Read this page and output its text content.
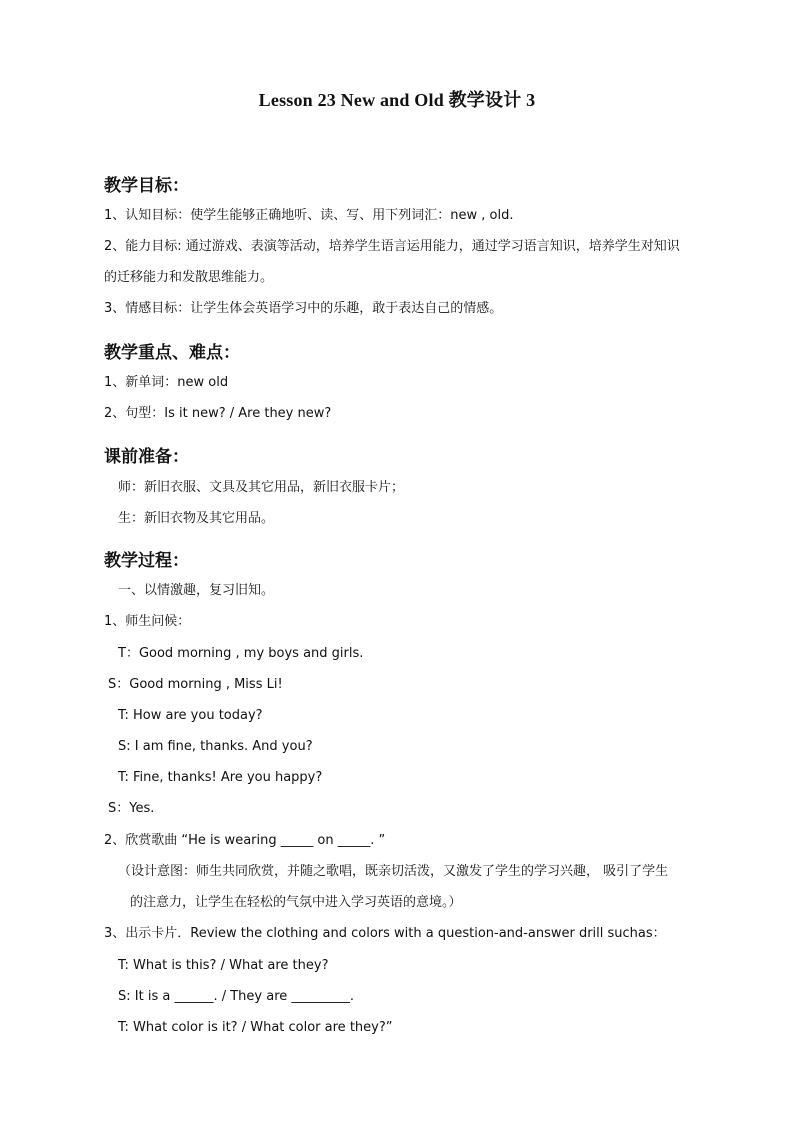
Lesson 23 New and Old 教学设计 3
教学目标：
1、认知目标：使学生能够正确地听、读、写、用下列词汇：new , old.
2、能力目标: 通过游戏、表演等活动，培养学生语言运用能力，通过学习语言知识，培养学生对知识
的迁移能力和发散思维能力。
3、情感目标：让学生体会英语学习中的乐趣，敢于表达自己的情感。
教学重点、难点：
1、新单词：new old
2、句型：Is it new? / Are they new?
课前准备：
师：新旧衣服、文具及其它用品，新旧衣服卡片；
生：新旧衣物及其它用品。
教学过程：
一、以情激趣，复习旧知。
1、师生问候：
T：Good morning , my boys and girls.
S：Good morning , Miss Li!
T: How are you today?
S: I am fine, thanks. And you?
T: Fine, thanks! Are you happy?
S：Yes.
2、欣赏歌曲 “He is wearing _____ on _____. ”
（设计意图：师生共同欣赏，并随之歌唱，既亲切活泼，又激发了学生的学习兴趣， 吸引了学生
的注意力，让学生在轻松的气氛中进入学习英语的意境。）
3、出示卡片．Review the clothing and colors with a question-and-answer drill suchas：
T: What is this? / What are they?
S: It is a ______. / They are _________.
T: What color is it? / What color are they?”
